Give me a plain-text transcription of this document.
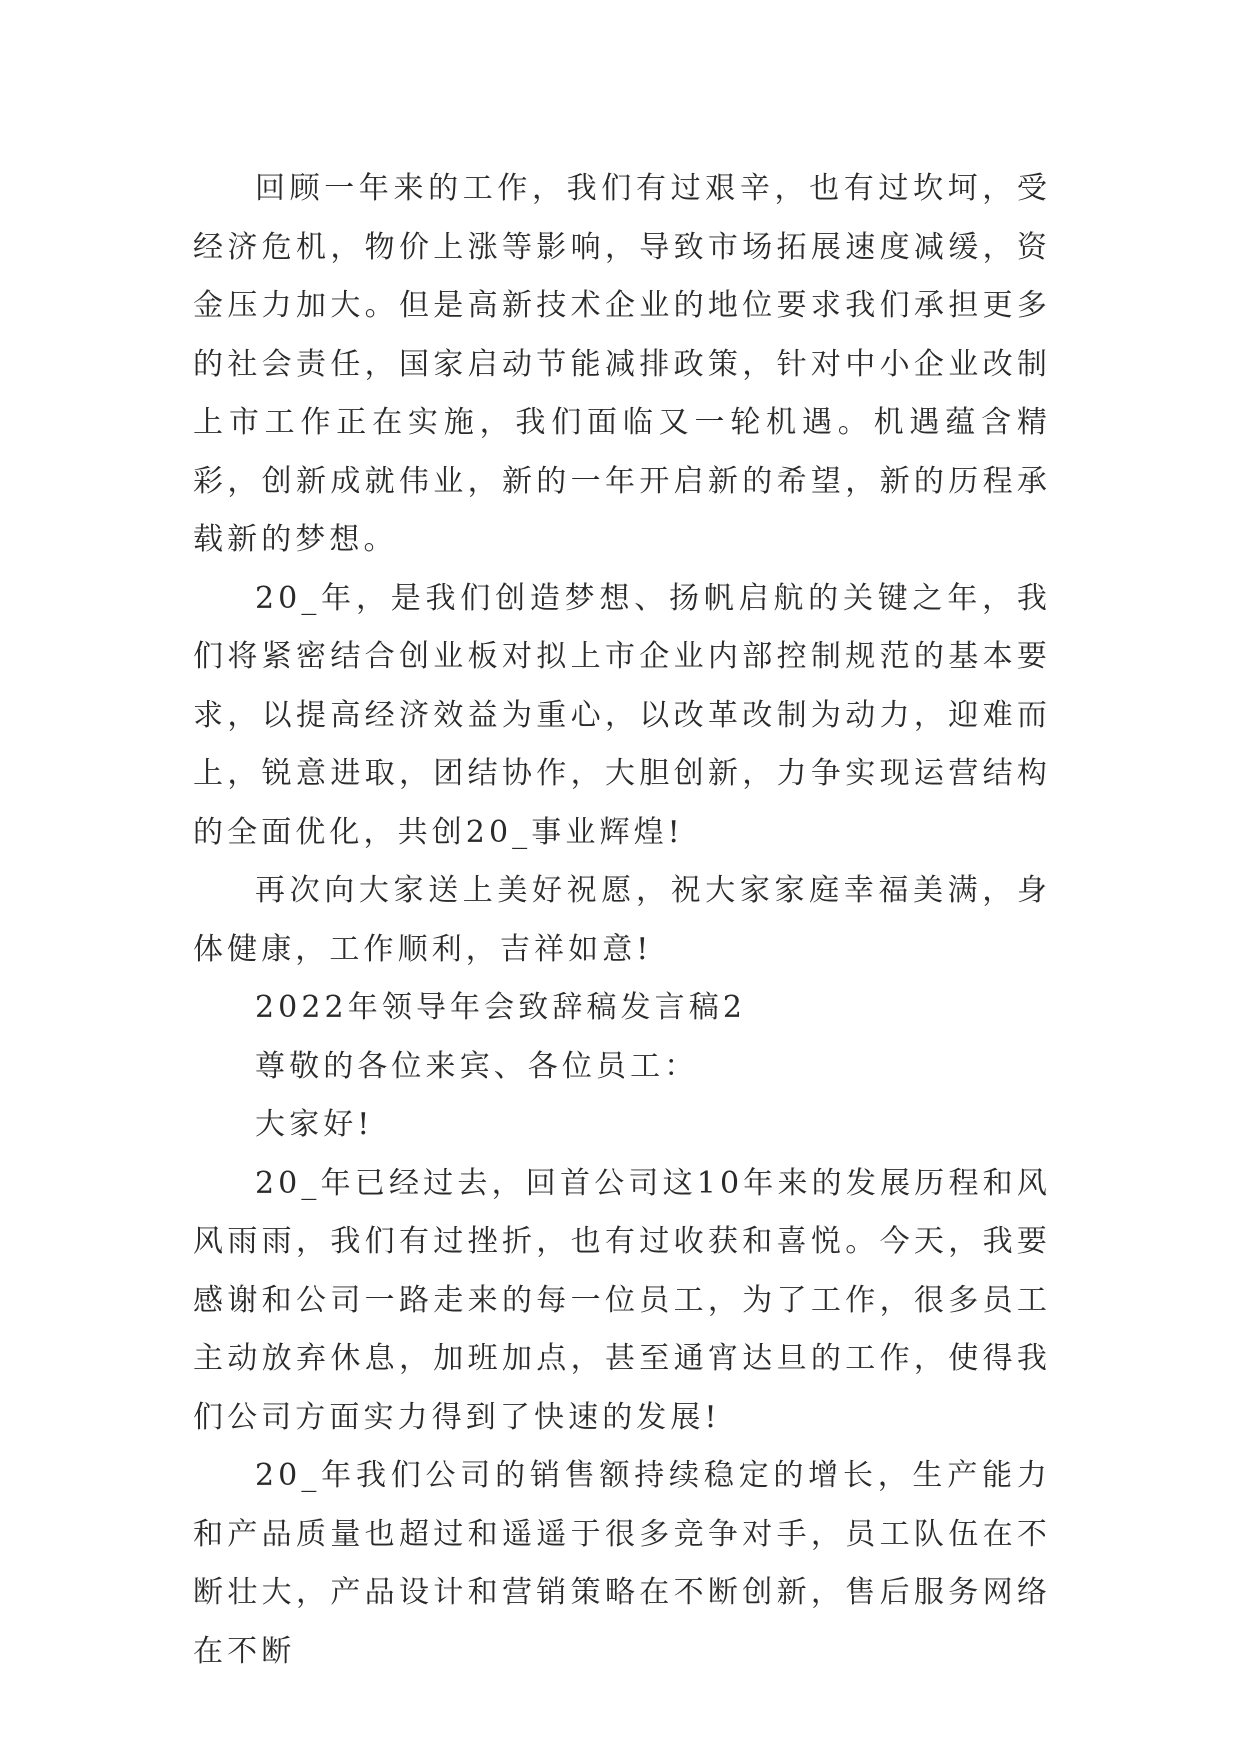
回顾一年来的工作，我们有过艰辛，也有过坎坷，受经济危机，物价上涨等影响，导致市场拓展速度减缓，资金压力加大。但是高新技术企业的地位要求我们承担更多的社会责任，国家启动节能减排政策，针对中小企业改制上市工作正在实施，我们面临又一轮机遇。机遇蕴含精彩，创新成就伟业，新的一年开启新的希望，新的历程承载新的梦想。

20_年，是我们创造梦想、扬帆启航的关键之年，我们将紧密结合创业板对拟上市企业内部控制规范的基本要求，以提高经济效益为重心，以改革改制为动力，迎难而上，锐意进取，团结协作，大胆创新，力争实现运营结构的全面优化，共创20_事业辉煌!

再次向大家送上美好祝愿，祝大家家庭幸福美满，身体健康，工作顺利，吉祥如意!

2022年领导年会致辞稿发言稿2

尊敬的各位来宾、各位员工：

大家好!

20_年已经过去，回首公司这10年来的发展历程和风风雨雨，我们有过挫折，也有过收获和喜悦。今天，我要感谢和公司一路走来的每一位员工，为了工作，很多员工主动放弃休息，加班加点，甚至通宵达旦的工作，使得我们公司方面实力得到了快速的发展!

20_年我们公司的销售额持续稳定的增长，生产能力和产品质量也超过和遥遥于很多竞争对手，员工队伍在不断壮大，产品设计和营销策略在不断创新，售后服务网络在不断
